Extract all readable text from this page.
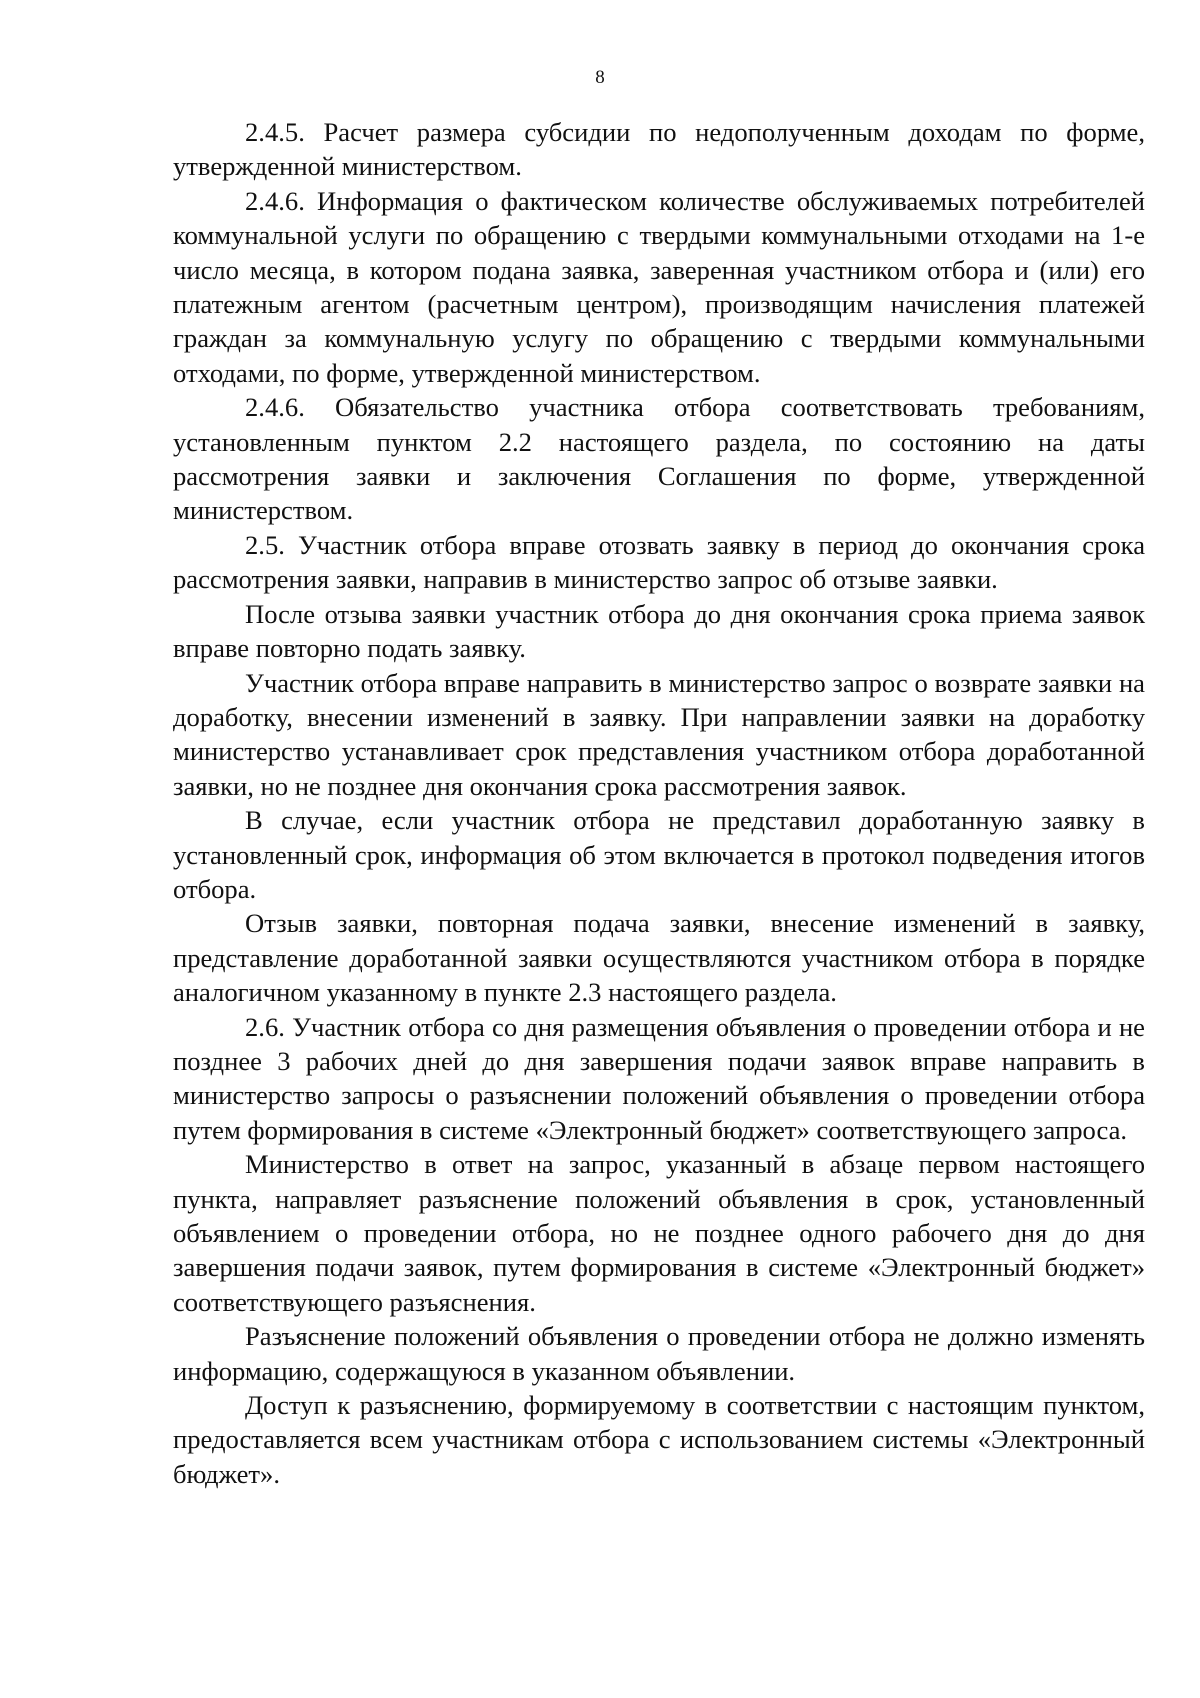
8

2.4.5. Расчет размера субсидии по недополученным доходам по форме, утвержденной министерством.

2.4.6. Информация о фактическом количестве обслуживаемых потребителей коммунальной услуги по обращению с твердыми коммунальными отходами на 1-е число месяца, в котором подана заявка, заверенная участником отбора и (или) его платежным агентом (расчетным центром), производящим начисления платежей граждан за коммунальную услугу по обращению с твердыми коммунальными отходами, по форме, утвержденной министерством.

2.4.6. Обязательство участника отбора соответствовать требованиям, установленным пунктом 2.2 настоящего раздела, по состоянию на даты рассмотрения заявки и заключения Соглашения по форме, утвержденной министерством.

2.5. Участник отбора вправе отозвать заявку в период до окончания срока рассмотрения заявки, направив в министерство запрос об отзыве заявки.

После отзыва заявки участник отбора до дня окончания срока приема заявок вправе повторно подать заявку.

Участник отбора вправе направить в министерство запрос о возврате заявки на доработку, внесении изменений в заявку. При направлении заявки на доработку министерство устанавливает срок представления участником отбора доработанной заявки, но не позднее дня окончания срока рассмотрения заявок.

В случае, если участник отбора не представил доработанную заявку в установленный срок, информация об этом включается в протокол подведения итогов отбора.

Отзыв заявки, повторная подача заявки, внесение изменений в заявку, представление доработанной заявки осуществляются участником отбора в порядке аналогичном указанному в пункте 2.3 настоящего раздела.

2.6. Участник отбора со дня размещения объявления о проведении отбора и не позднее 3 рабочих дней до дня завершения подачи заявок вправе направить в министерство запросы о разъяснении положений объявления о проведении отбора путем формирования в системе «Электронный бюджет» соответствующего запроса.

Министерство в ответ на запрос, указанный в абзаце первом настоящего пункта, направляет разъяснение положений объявления в срок, установленный объявлением о проведении отбора, но не позднее одного рабочего дня до дня завершения подачи заявок, путем формирования в системе «Электронный бюджет» соответствующего разъяснения.

Разъяснение положений объявления о проведении отбора не должно изменять информацию, содержащуюся в указанном объявлении.

Доступ к разъяснению, формируемому в соответствии с настоящим пунктом, предоставляется всем участникам отбора с использованием системы «Электронный бюджет».
